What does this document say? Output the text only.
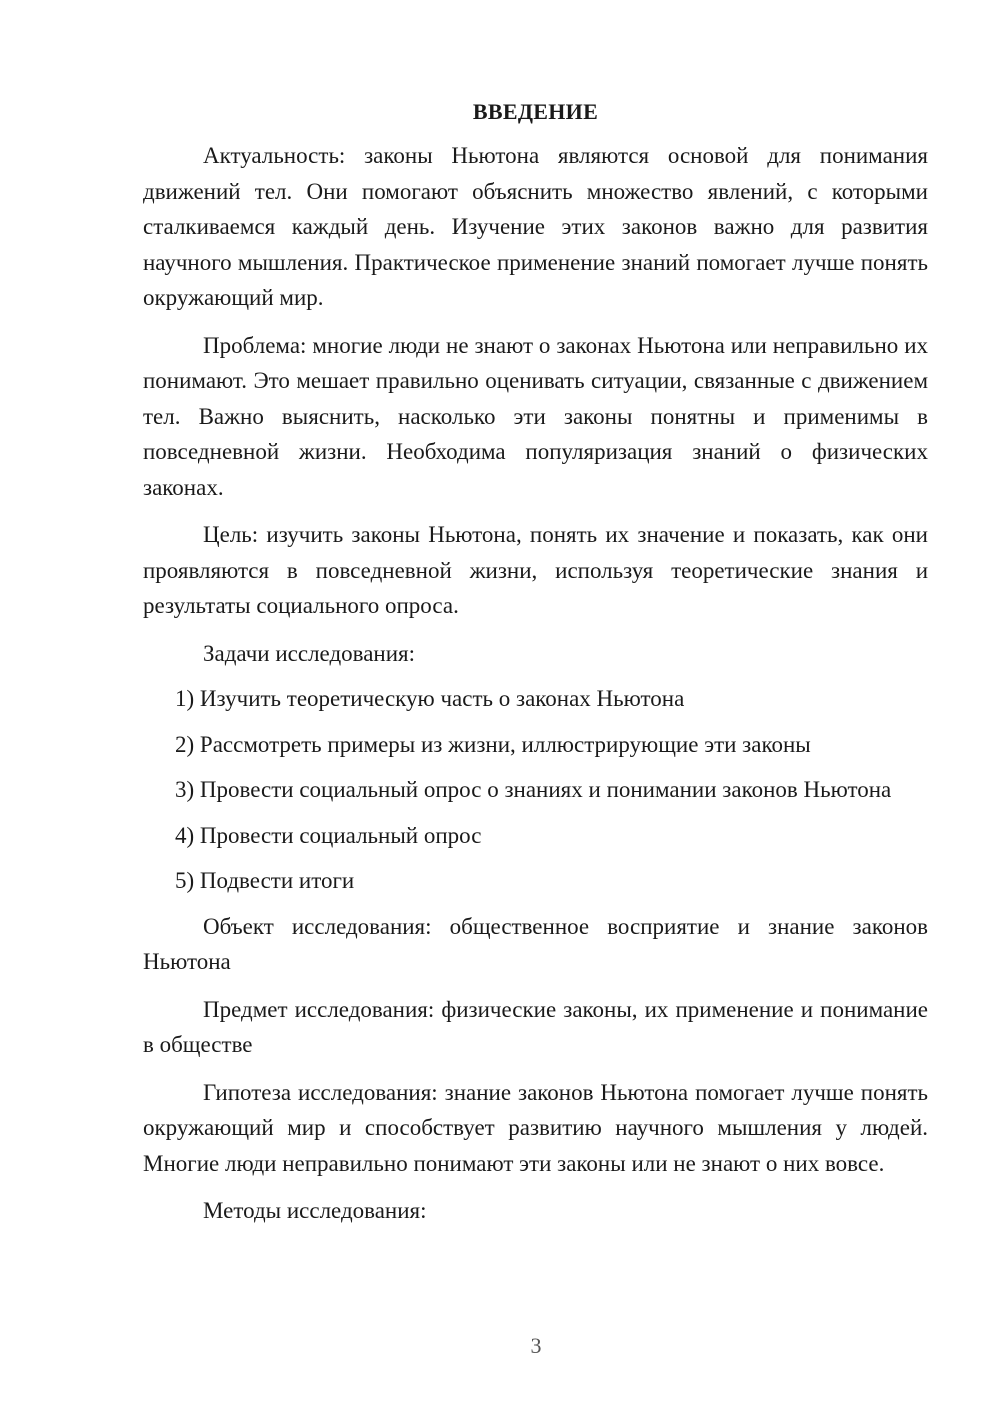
ВВЕДЕНИЕ

Актуальность: законы Ньютона являются основой для понимания движений тел. Они помогают объяснить множество явлений, с которыми сталкиваемся каждый день. Изучение этих законов важно для развития научного мышления. Практическое применение знаний помогает лучше понять окружающий мир.

Проблема: многие люди не знают о законах Ньютона или неправильно их понимают. Это мешает правильно оценивать ситуации, связанные с движением тел. Важно выяснить, насколько эти законы понятны и применимы в повседневной жизни. Необходима популяризация знаний о физических законах.

Цель: изучить законы Ньютона, понять их значение и показать, как они проявляются в повседневной жизни, используя теоретические знания и результаты социального опроса.

Задачи исследования:

1) Изучить теоретическую часть о законах Ньютона

2) Рассмотреть примеры из жизни, иллюстрирующие эти законы

3) Провести социальный опрос о знаниях и понимании законов Ньютона

4) Провести социальный опрос

5) Подвести итоги

Объект исследования: общественное восприятие и знание законов Ньютона

Предмет исследования: физические законы, их применение и понимание в обществе

Гипотеза исследования: знание законов Ньютона помогает лучше понять окружающий мир и способствует развитию научного мышления у людей. Многие люди неправильно понимают эти законы или не знают о них вовсе.

Методы исследования:

3
